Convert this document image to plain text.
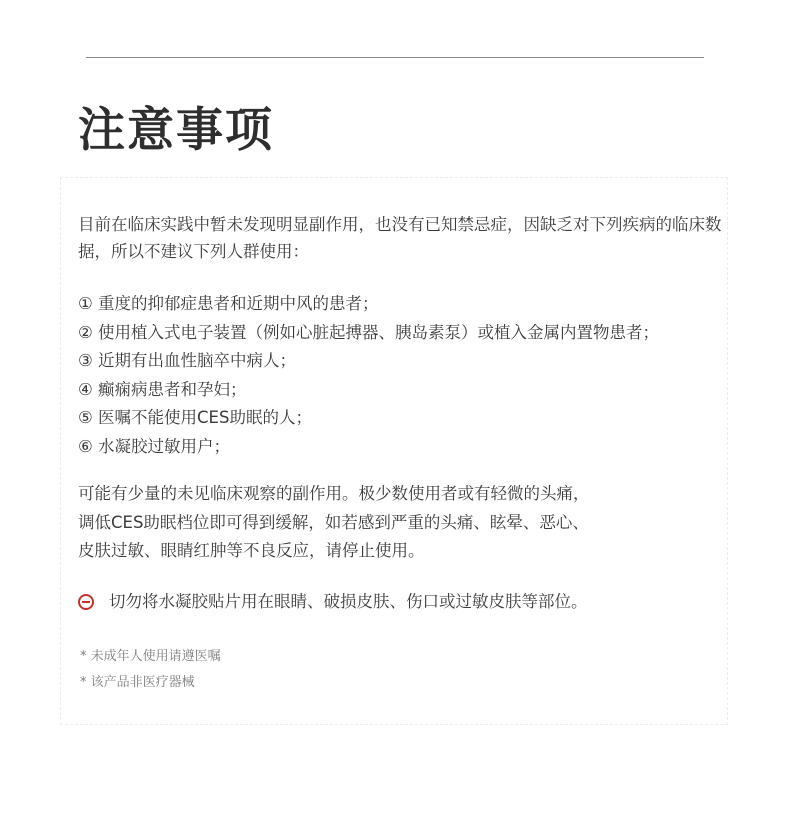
注意事项

目前在临床实践中暂未发现明显副作用，也没有已知禁忌症，因缺乏对下列疾病的临床数据，所以不建议下列人群使用：

① 重度的抑郁症患者和近期中风的患者；
② 使用植入式电子装置（例如心脏起搏器、胰岛素泵）或植入金属内置物患者；
③ 近期有出血性脑卒中病人；
④ 癫痫病患者和孕妇；
⑤ 医嘱不能使用CES助眠的人；
⑥ 水凝胶过敏用户；

可能有少量的未见临床观察的副作用。极少数使用者或有轻微的头痛，
调低CES助眠档位即可得到缓解，如若感到严重的头痛、眩晕、恶心、
皮肤过敏、眼睛红肿等不良反应，请停止使用。

切勿将水凝胶贴片用在眼睛、破损皮肤、伤口或过敏皮肤等部位。
* 未成年人使用请遵医嘱
* 该产品非医疗器械
